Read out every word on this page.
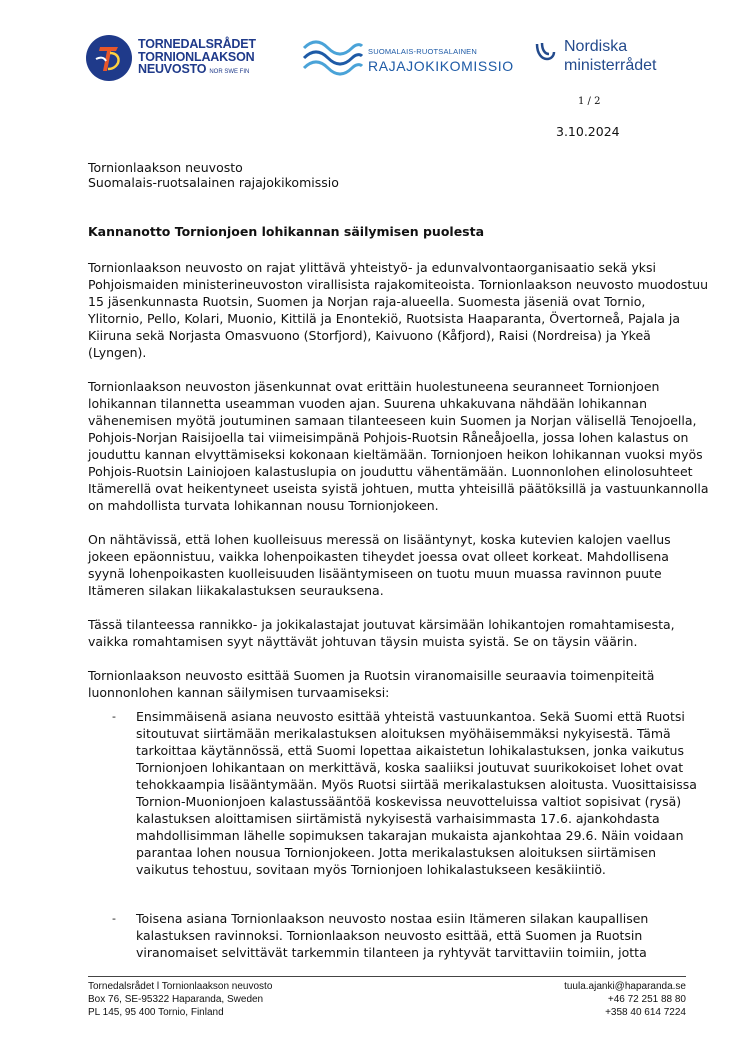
TORNEDALSRÅDET
TORNIONLAAKSON
NEUVOSTO NOR SWE FIN
SUOMALAIS-RUOTSALAINEN
RAJAJOKIKOMISSIO
Nordiska
ministerrådet
1 / 2
3.10.2024
Tornionlaakson neuvosto
Suomalais-ruotsalainen rajajokikomissio
Kannanotto Tornionjoen lohikannan säilymisen puolesta
Tornionlaakson neuvosto on rajat ylittävä yhteistyö- ja edunvalvontaorganisaatio sekä yksi
Pohjoismaiden ministerineuvoston virallisista rajakomiteoista. Tornionlaakson neuvosto muodostuu
15 jäsenkunnasta Ruotsin, Suomen ja Norjan raja-alueella. Suomesta jäseniä ovat Tornio,
Ylitornio, Pello, Kolari, Muonio, Kittilä ja Enontekiö, Ruotsista Haaparanta, Övertorneå, Pajala ja
Kiiruna sekä Norjasta Omasvuono (Storfjord), Kaivuono (Kåfjord), Raisi (Nordreisa) ja Ykeä
(Lyngen).
Tornionlaakson neuvoston jäsenkunnat ovat erittäin huolestuneena seuranneet Tornionjoen
lohikannan tilannetta useamman vuoden ajan. Suurena uhkakuvana nähdään lohikannan
vähenemisen myötä joutuminen samaan tilanteeseen kuin Suomen ja Norjan välisellä Tenojoella,
Pohjois-Norjan Raisijoella tai viimeisimpänä Pohjois-Ruotsin Råneåjoella, jossa lohen kalastus on
jouduttu kannan elvyttämiseksi kokonaan kieltämään. Tornionjoen heikon lohikannan vuoksi myös
Pohjois-Ruotsin Lainiojoen kalastuslupia on jouduttu vähentämään. Luonnonlohen elinolosuhteet
Itämerellä ovat heikentyneet useista syistä johtuen, mutta yhteisillä päätöksillä ja vastuunkannolla
on mahdollista turvata lohikannan nousu Tornionjokeen.
On nähtävissä, että lohen kuolleisuus meressä on lisääntynyt, koska kutevien kalojen vaellus
jokeen epäonnistuu, vaikka lohenpoikasten tiheydet joessa ovat olleet korkeat. Mahdollisena
syynä lohenpoikasten kuolleisuuden lisääntymiseen on tuotu muun muassa ravinnon puute
Itämeren silakan liikakalastuksen seurauksena.
Tässä tilanteessa rannikko- ja jokikalastajat joutuvat kärsimään lohikantojen romahtamisesta,
vaikka romahtamisen syyt näyttävät johtuvan täysin muista syistä. Se on täysin väärin.
Tornionlaakson neuvosto esittää Suomen ja Ruotsin viranomaisille seuraavia toimenpiteitä
luonnonlohen kannan säilymisen turvaamiseksi:
- Ensimmäisenä asiana neuvosto esittää yhteistä vastuunkantoa. Sekä Suomi että Ruotsi
sitoutuvat siirtämään merikalastuksen aloituksen myöhäisemmäksi nykyisestä. Tämä
tarkoittaa käytännössä, että Suomi lopettaa aikaistetun lohikalastuksen, jonka vaikutus
Tornionjoen lohikantaan on merkittävä, koska saaliiksi joutuvat suurikokoiset lohet ovat
tehokkaampia lisääntymään. Myös Ruotsi siirtää merikalastuksen aloitusta. Vuosittaisissa
Tornion-Muonionjoen kalastussääntöä koskevissa neuvotteluissa valtiot sopisivat (rysä)
kalastuksen aloittamisen siirtämistä nykyisestä varhaisimmasta 17.6. ajankohdasta
mahdollisimman lähelle sopimuksen takarajan mukaista ajankohtaa 29.6. Näin voidaan
parantaa lohen nousua Tornionjokeen. Jotta merikalastuksen aloituksen siirtämisen
vaikutus tehostuu, sovitaan myös Tornionjoen lohikalastukseen kesäkiintiö.
- Toisena asiana Tornionlaakson neuvosto nostaa esiin Itämeren silakan kaupallisen
kalastuksen ravinnoksi. Tornionlaakson neuvosto esittää, että Suomen ja Ruotsin
viranomaiset selvittävät tarkemmin tilanteen ja ryhtyvät tarvittaviin toimiin, jotta
Tornedalsrådet l Tornionlaakson neuvosto
Box 76, SE-95322 Haparanda, Sweden
PL 145, 95 400 Tornio, Finland
tuula.ajanki@haparanda.se
+46 72 251 88 80
+358 40 614 7224
